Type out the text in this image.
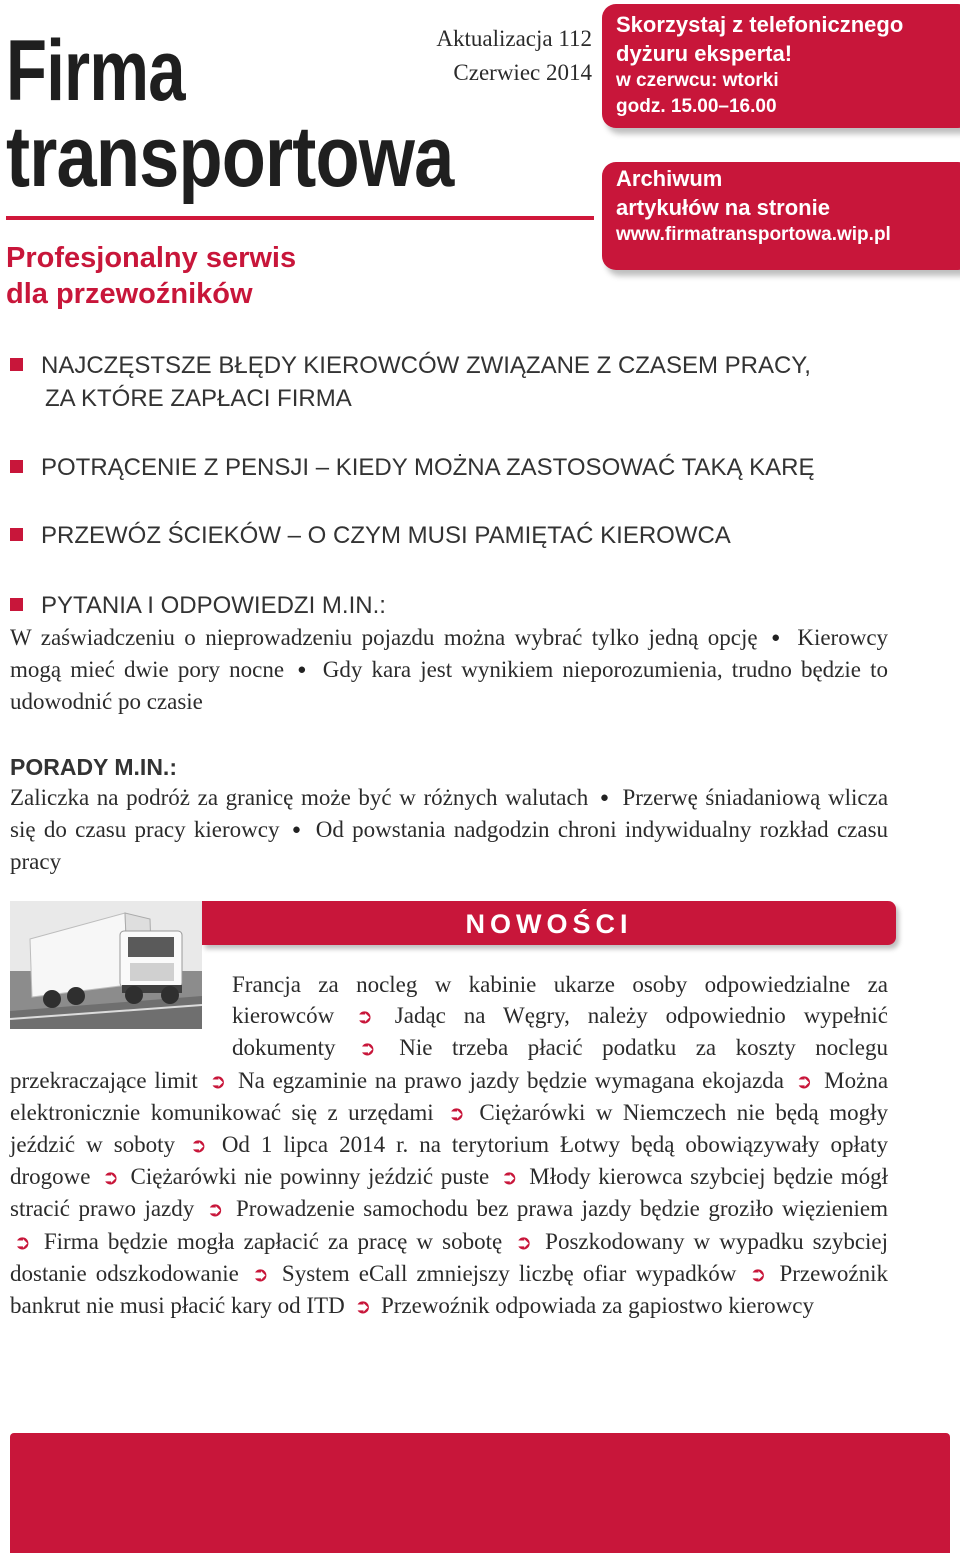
Firma
transportowa
Aktualizacja 112
Czerwiec 2014
Profesjonalny serwis
dla przewoźników
Skorzystaj z telefonicznego
dyżuru eksperta!
w czerwcu: wtorki
godz. 15.00–16.00
Archiwum
artykułów na stronie
www.firmatransportowa.wip.pl
NAJCZĘSTSZE BŁĘDY KIEROWCÓW ZWIĄZANE Z CZASEM PRACY,
ZA KTÓRE ZAPŁACI FIRMA
POTRĄCENIE Z PENSJI – KIEDY MOŻNA ZASTOSOWAĆ TAKĄ KARĘ
PRZEWÓZ ŚCIEKÓW – O CZYM MUSI PAMIĘTAĆ KIEROWCA
PYTANIA I ODPOWIEDZI M.IN.:
W zaświadczeniu o nieprowadzeniu pojazdu można wybrać tylko jedną opcję ● Kierowcy mogą mieć dwie pory nocne ● Gdy kara jest wynikiem nieporozumienia, trudno będzie to udowodnić po czasie
PORADY M.IN.:
Zaliczka na podróż za granicę może być w różnych walutach ● Przerwę śniadaniową wlicza się do czasu pracy kierowcy ● Od powstania nadgodzin chroni indywidualny rozkład czasu pracy
NOWOŚCI
Francja za nocleg w kabinie ukarze osoby odpowiedzialne za kierowców ➲ Jadąc na Węgry, należy odpowiednio wypełnić dokumenty ➲ Nie trzeba płacić podatku za koszty noclegu przekraczające limit ➲ Na egzaminie na prawo jazdy będzie wymagana ekojazda ➲ Można elektronicznie komunikować się z urzędami ➲ Ciężarówki w Niemczech nie będą mogły jeździć w soboty ➲ Od 1 lipca 2014 r. na terytorium Łotwy będą obowiązywały opłaty drogowe ➲ Ciężarówki nie powinny jeździć puste ➲ Młody kierowca szybciej będzie mógł stracić prawo jazdy ➲ Prowadzenie samochodu bez prawa jazdy będzie groziło więzieniem ➲ Firma będzie mogła zapłacić za pracę w sobotę ➲ Poszkodowany w wypadku szybciej dostanie odszkodowanie ➲ System eCall zmniejszy liczbę ofiar wypadków ➲ Przewoźnik bankrut nie musi płacić kary od ITD ➲ Przewoźnik odpowiada za gapiostwo kierowcy
